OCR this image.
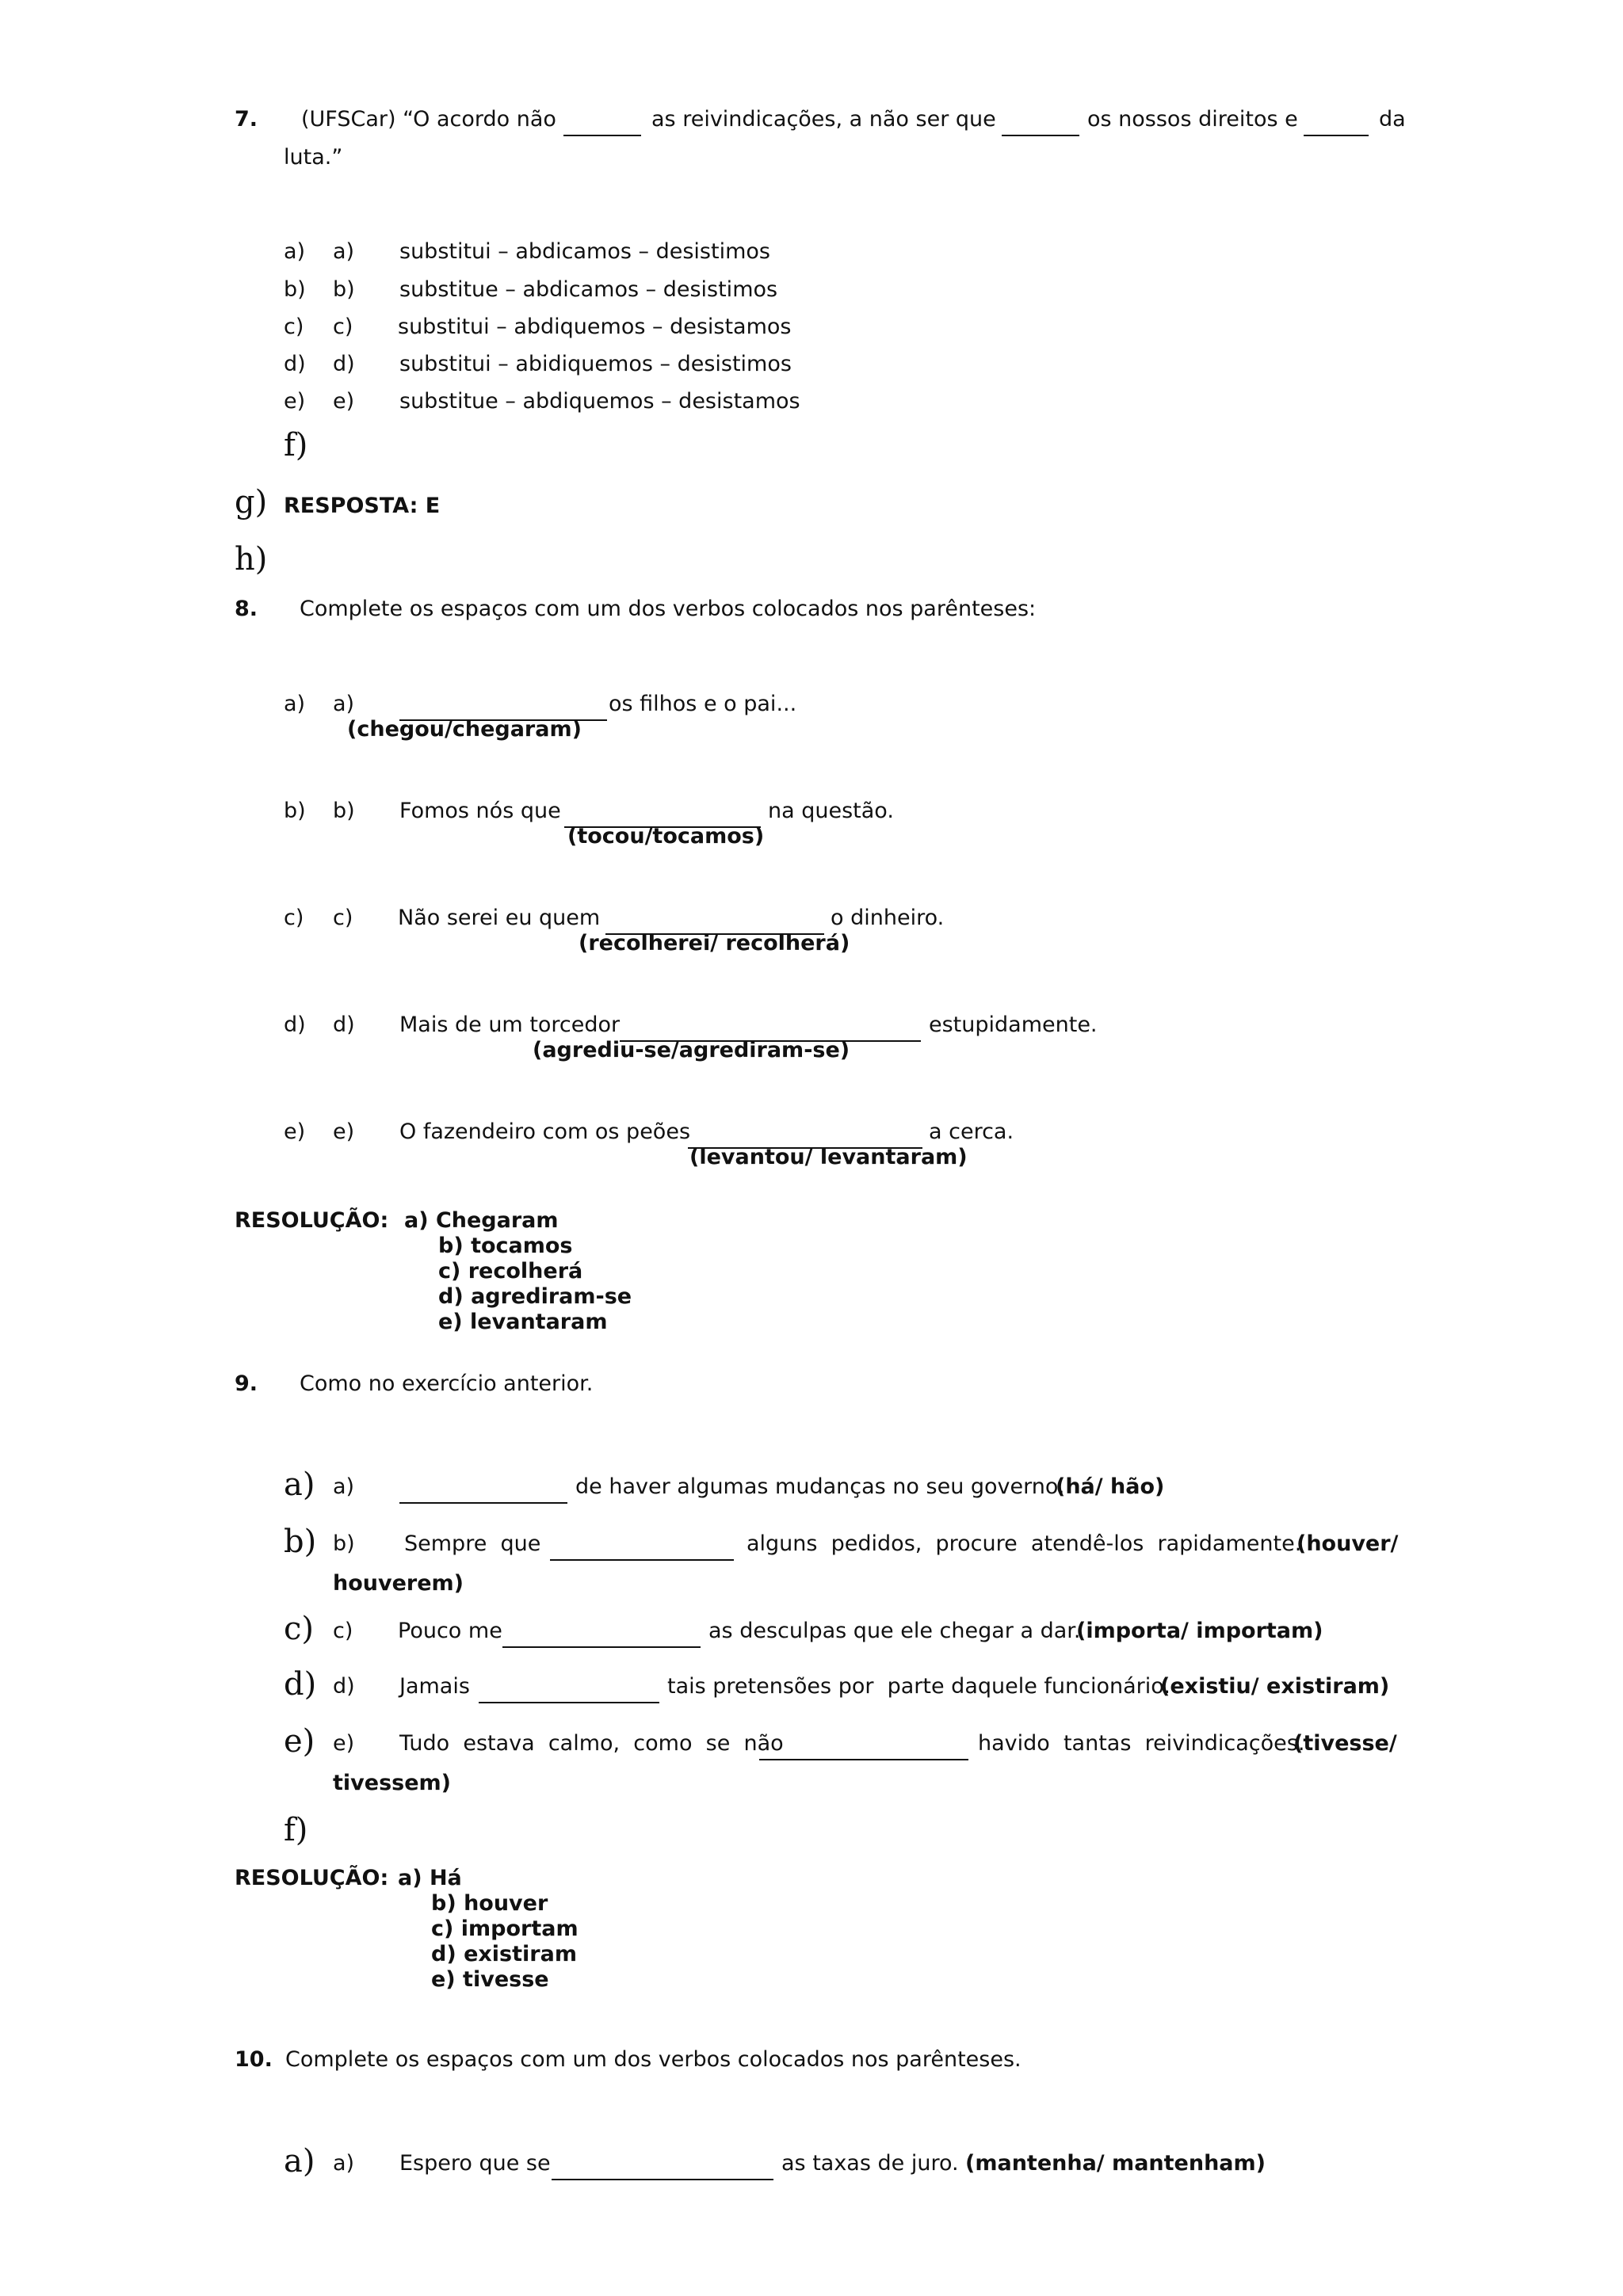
7. (UFSCar) “O acordo não	as reivindicações, a não ser que	os nossos direitos e	da
luta.”
a) a) substitui – abdicamos – desistimos
b) b) substitue – abdicamos – desistimos
c) c) substitui – abdiquemos – desistamos
d) d) substitui – abidiquemos – desistimos
e) e) substitue – abdiquemos – desistamos
f)
g) RESPOSTA: E
h)
8. Complete os espaços com um dos verbos colocados nos parênteses:
a) a)	os filhos e o pai...
(chegou/chegaram)
b) b) Fomos nós que	na questão.
(tocou/tocamos)
c) c) Não serei eu quem	o dinheiro.
(recolherei/ recolherá)
d) d) Mais de um torcedor	estupidamente.
(agrediu-se/agrediram-se)
e) e) O fazendeiro com os peões	a cerca.
(levantou/ levantaram)
RESOLUÇÃO: a) Chegaram
b) tocamos
c) recolherá
d) agrediram-se
e) levantaram
9. Como no exercício anterior.
a) a)	de haver algumas mudanças no seu governo.
(há/ hão)
b) b) Sempre  que	alguns  pedidos,  procure  atendê-los  rapidamente.
(houver/
houverem)
c) c) Pouco me	as desculpas que ele chegar a dar.
(importa/ importam)
d) d) Jamais	tais pretensões por  parte daquele funcionário.
(existiu/ existiram)
e) e) Tudo  estava  calmo,  como  se  não	havido  tantas  reivindicações.
(tivesse/
tivessem)
f)
RESOLUÇÃO: a) Há
b) houver
c) importam
d) existiram
e) tivesse
10. Complete os espaços com um dos verbos colocados nos parênteses.
a) a) Espero que se	as taxas de juro. (mantenha/ mantenham)
